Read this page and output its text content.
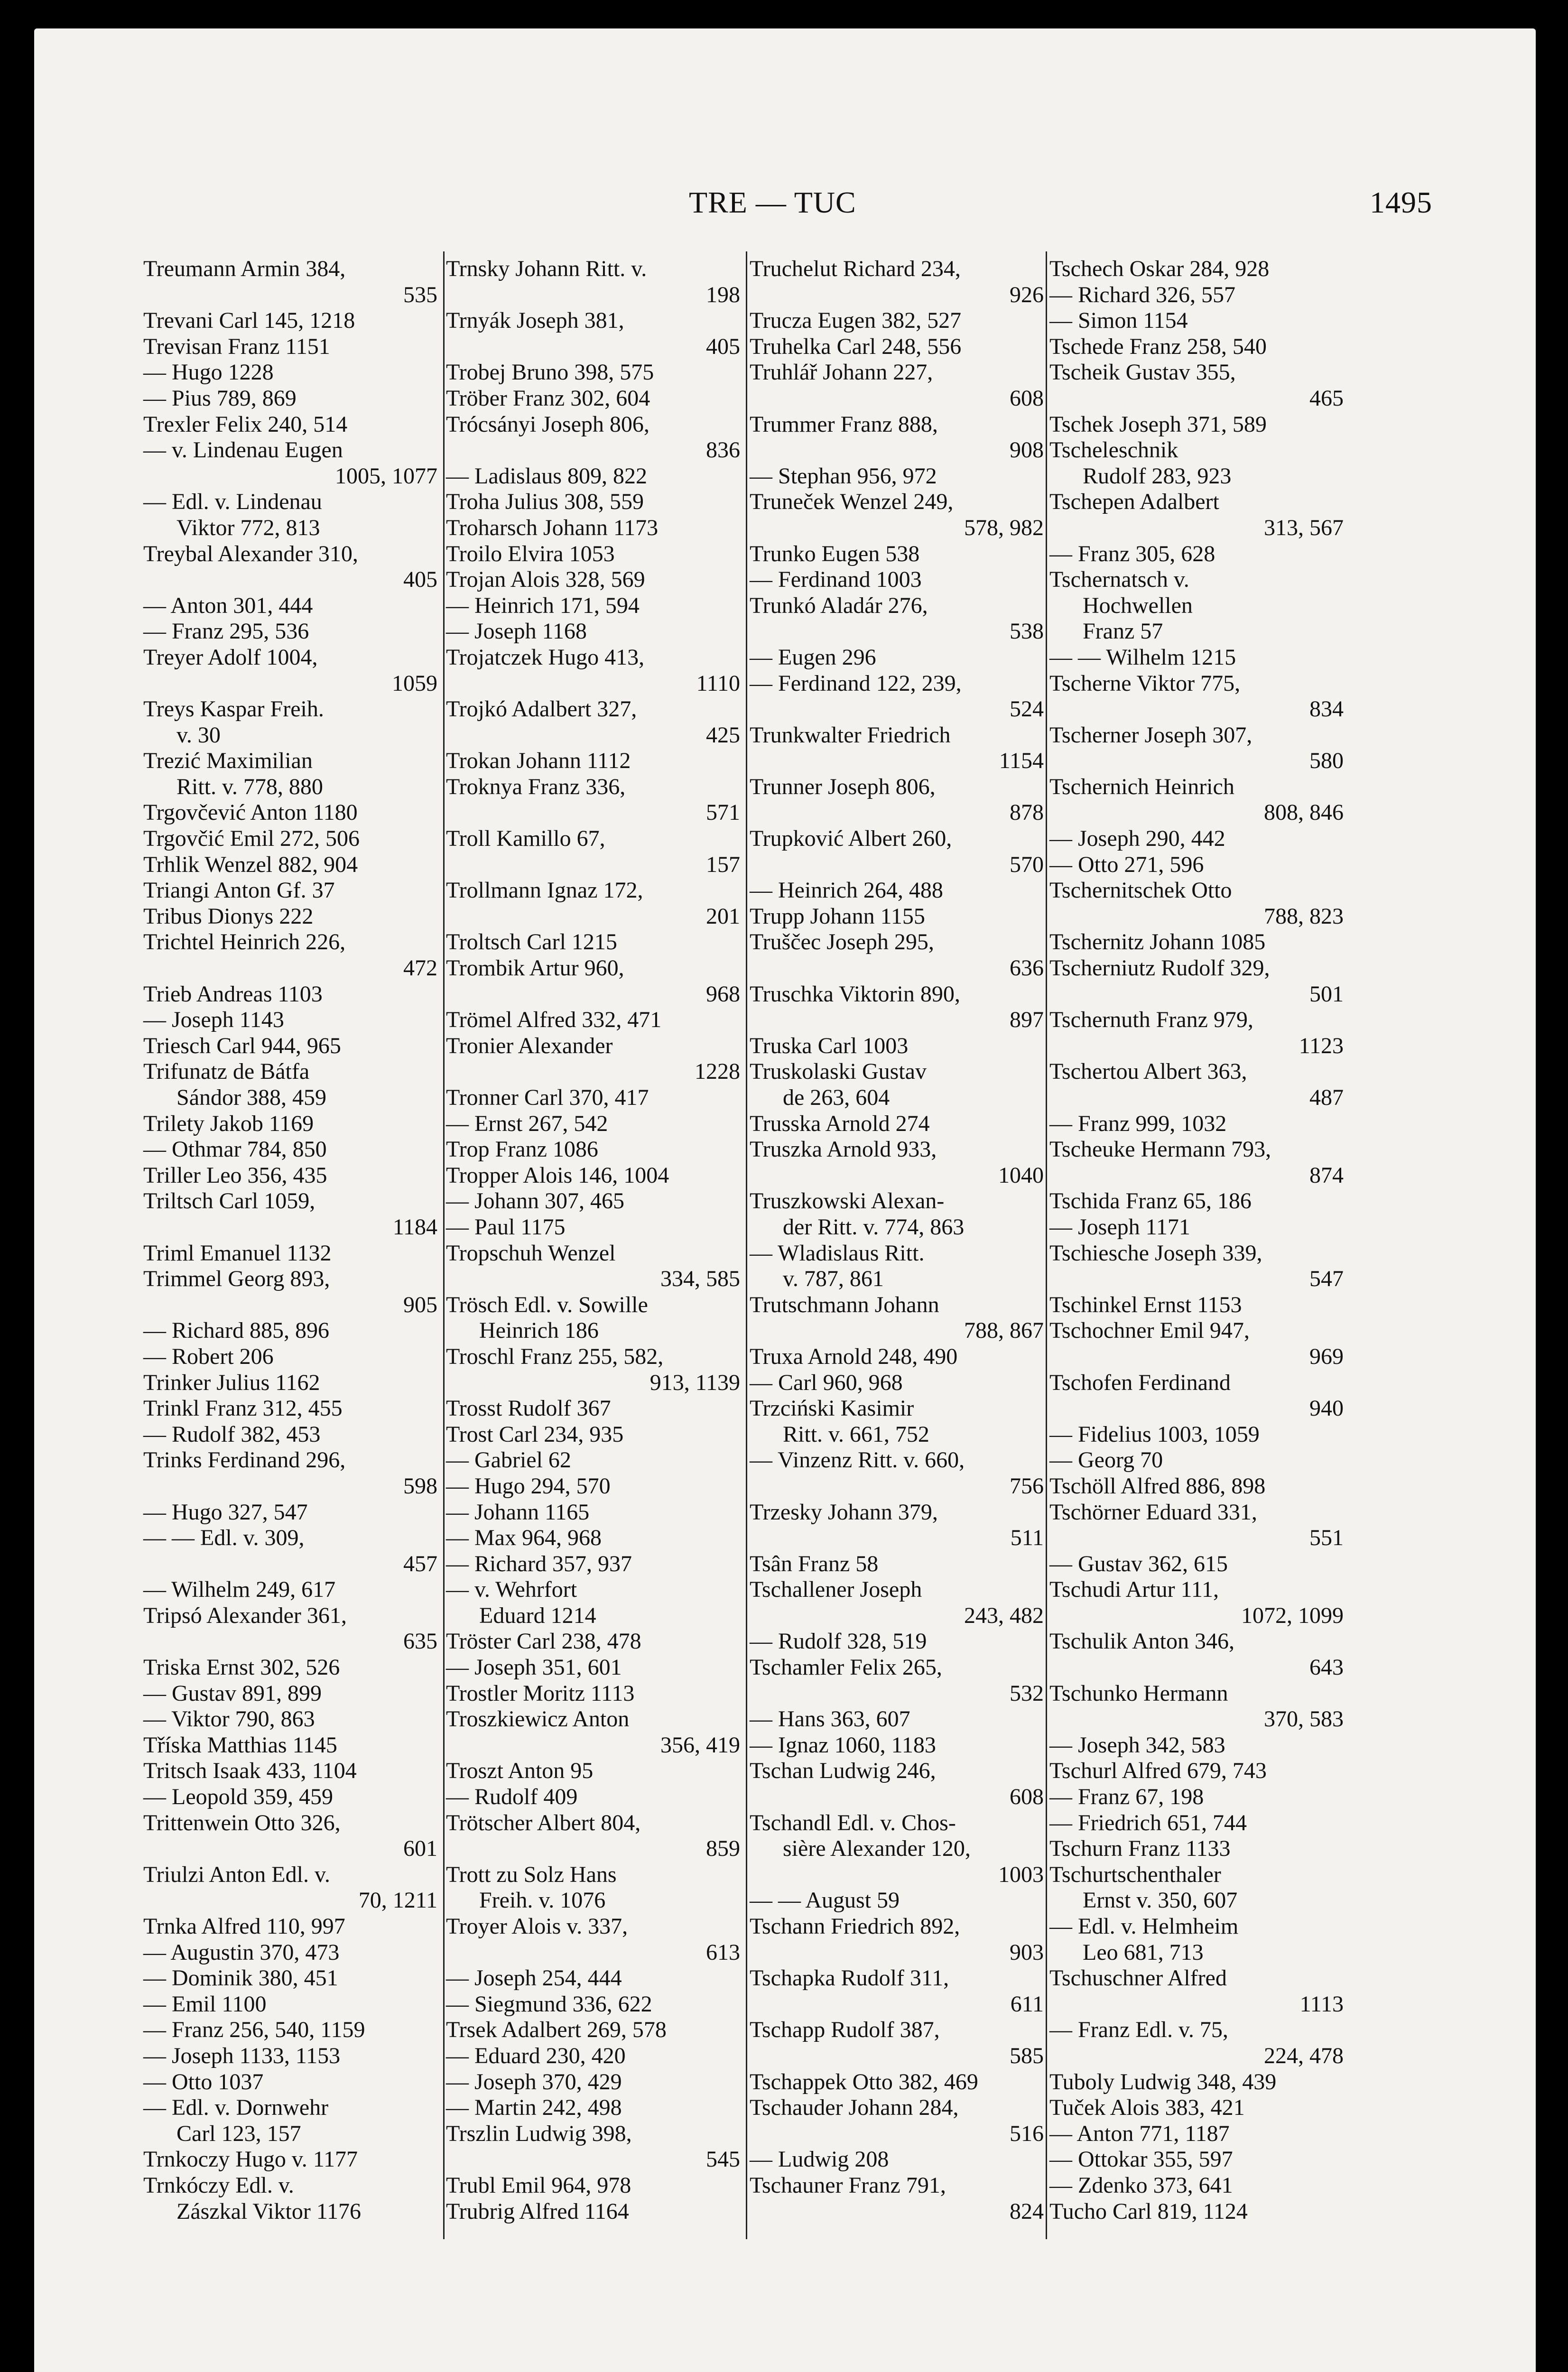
TRE — TUC	1495
Treumann Armin 384,
535
Trevani Carl 145, 1218
Trevisan Franz 1151
— Hugo 1228
— Pius 789, 869
Trexler Felix 240, 514
— v. Lindenau Eugen
1005, 1077
— Edl. v. Lindenau
Viktor 772, 813
Treybal Alexander 310,
405
— Anton 301, 444
— Franz 295, 536
Treyer Adolf 1004,
1059
Treys Kaspar Freih.
v. 30
Trezić Maximilian
Ritt. v. 778, 880
Trgovčević Anton 1180
Trgovčić Emil 272, 506
Trhlik Wenzel 882, 904
Triangi Anton Gf. 37
Tribus Dionys 222
Trichtel Heinrich 226,
472
Trieb Andreas 1103
— Joseph 1143
Triesch Carl 944, 965
Trifunatz de Bátfa
Sándor 388, 459
Trilety Jakob 1169
— Othmar 784, 850
Triller Leo 356, 435
Triltsch Carl 1059,
1184
Triml Emanuel 1132
Trimmel Georg 893,
905
— Richard 885, 896
— Robert 206
Trinker Julius 1162
Trinkl Franz 312, 455
— Rudolf 382, 453
Trinks Ferdinand 296,
598
— Hugo 327, 547
— — Edl. v. 309,
457
— Wilhelm 249, 617
Tripsó Alexander 361,
635
Triska Ernst 302, 526
— Gustav 891, 899
— Viktor 790, 863
Tříska Matthias 1145
Tritsch Isaak 433, 1104
— Leopold 359, 459
Trittenwein Otto 326,
601
Triulzi Anton Edl. v.
70, 1211
Trnka Alfred 110, 997
— Augustin 370, 473
— Dominik 380, 451
— Emil 1100
— Franz 256, 540, 1159
— Joseph 1133, 1153
— Otto 1037
— Edl. v. Dornwehr
Carl 123, 157
Trnkoczy Hugo v. 1177
Trnkóczy Edl. v.
Zászkal Viktor 1176
Trnsky Johann Ritt. v.
198
Trnyák Joseph 381,
405
Trobej Bruno 398, 575
Tröber Franz 302, 604
Trócsányi Joseph 806,
836
— Ladislaus 809, 822
Troha Julius 308, 559
Troharsch Johann 1173
Troilo Elvira 1053
Trojan Alois 328, 569
— Heinrich 171, 594
— Joseph 1168
Trojatczek Hugo 413,
1110
Trojkó Adalbert 327,
425
Trokan Johann 1112
Troknya Franz 336,
571
Troll Kamillo 67,
157
Trollmann Ignaz 172,
201
Troltsch Carl 1215
Trombik Artur 960,
968
Trömel Alfred 332, 471
Tronier Alexander
1228
Tronner Carl 370, 417
— Ernst 267, 542
Trop Franz 1086
Tropper Alois 146, 1004
— Johann 307, 465
— Paul 1175
Tropschuh Wenzel
334, 585
Trösch Edl. v. Sowille
Heinrich 186
Troschl Franz 255, 582,
913, 1139
Trosst Rudolf 367
Trost Carl 234, 935
— Gabriel 62
— Hugo 294, 570
— Johann 1165
— Max 964, 968
— Richard 357, 937
— v. Wehrfort
Eduard 1214
Tröster Carl 238, 478
— Joseph 351, 601
Trostler Moritz 1113
Troszkiewicz Anton
356, 419
Troszt Anton 95
— Rudolf 409
Trötscher Albert 804,
859
Trott zu Solz Hans
Freih. v. 1076
Troyer Alois v. 337,
613
— Joseph 254, 444
— Siegmund 336, 622
Trsek Adalbert 269, 578
— Eduard 230, 420
— Joseph 370, 429
— Martin 242, 498
Trszlin Ludwig 398,
545
Trubl Emil 964, 978
Trubrig Alfred 1164
Truchelut Richard 234,
926
Trucza Eugen 382, 527
Truhelka Carl 248, 556
Truhlář Johann 227,
608
Trummer Franz 888,
908
— Stephan 956, 972
Truneček Wenzel 249,
578, 982
Trunko Eugen 538
— Ferdinand 1003
Trunkó Aladár 276,
538
— Eugen 296
— Ferdinand 122, 239,
524
Trunkwalter Friedrich
1154
Trunner Joseph 806,
878
Trupković Albert 260,
570
— Heinrich 264, 488
Trupp Johann 1155
Truščec Joseph 295,
636
Truschka Viktorin 890,
897
Truska Carl 1003
Truskolaski Gustav
de 263, 604
Trusska Arnold 274
Truszka Arnold 933,
1040
Truszkowski Alexan-
der Ritt. v. 774, 863
— Wladislaus Ritt.
v. 787, 861
Trutschmann Johann
788, 867
Truxa Arnold 248, 490
— Carl 960, 968
Trzciński Kasimir
Ritt. v. 661, 752
— Vinzenz Ritt. v. 660,
756
Trzesky Johann 379,
511
Tsân Franz 58
Tschallener Joseph
243, 482
— Rudolf 328, 519
Tschamler Felix 265,
532
— Hans 363, 607
— Ignaz 1060, 1183
Tschan Ludwig 246,
608
Tschandl Edl. v. Chos-
sière Alexander 120,
1003
— — August 59
Tschann Friedrich 892,
903
Tschapka Rudolf 311,
611
Tschapp Rudolf 387,
585
Tschappek Otto 382, 469
Tschauder Johann 284,
516
— Ludwig 208
Tschauner Franz 791,
824
Tschech Oskar 284, 928
— Richard 326, 557
— Simon 1154
Tschede Franz 258, 540
Tscheik Gustav 355,
465
Tschek Joseph 371, 589
Tscheleschnik
Rudolf 283, 923
Tschepen Adalbert
313, 567
— Franz 305, 628
Tschernatsch v.
Hochwellen
Franz 57
— — Wilhelm 1215
Tscherne Viktor 775,
834
Tscherner Joseph 307,
580
Tschernich Heinrich
808, 846
— Joseph 290, 442
— Otto 271, 596
Tschernitschek Otto
788, 823
Tschernitz Johann 1085
Tscherniutz Rudolf 329,
501
Tschernuth Franz 979,
1123
Tschertou Albert 363,
487
— Franz 999, 1032
Tscheuke Hermann 793,
874
Tschida Franz 65, 186
— Joseph 1171
Tschiesche Joseph 339,
547
Tschinkel Ernst 1153
Tschochner Emil 947,
969
Tschofen Ferdinand
940
— Fidelius 1003, 1059
— Georg 70
Tschöll Alfred 886, 898
Tschörner Eduard 331,
551
— Gustav 362, 615
Tschudi Artur 111,
1072, 1099
Tschulik Anton 346,
643
Tschunko Hermann
370, 583
— Joseph 342, 583
Tschurl Alfred 679, 743
— Franz 67, 198
— Friedrich 651, 744
Tschurn Franz 1133
Tschurtschenthaler
Ernst v. 350, 607
— Edl. v. Helmheim
Leo 681, 713
Tschuschner Alfred
1113
— Franz Edl. v. 75,
224, 478
Tuboly Ludwig 348, 439
Tuček Alois 383, 421
— Anton 771, 1187
— Ottokar 355, 597
— Zdenko 373, 641
Tucho Carl 819, 1124
